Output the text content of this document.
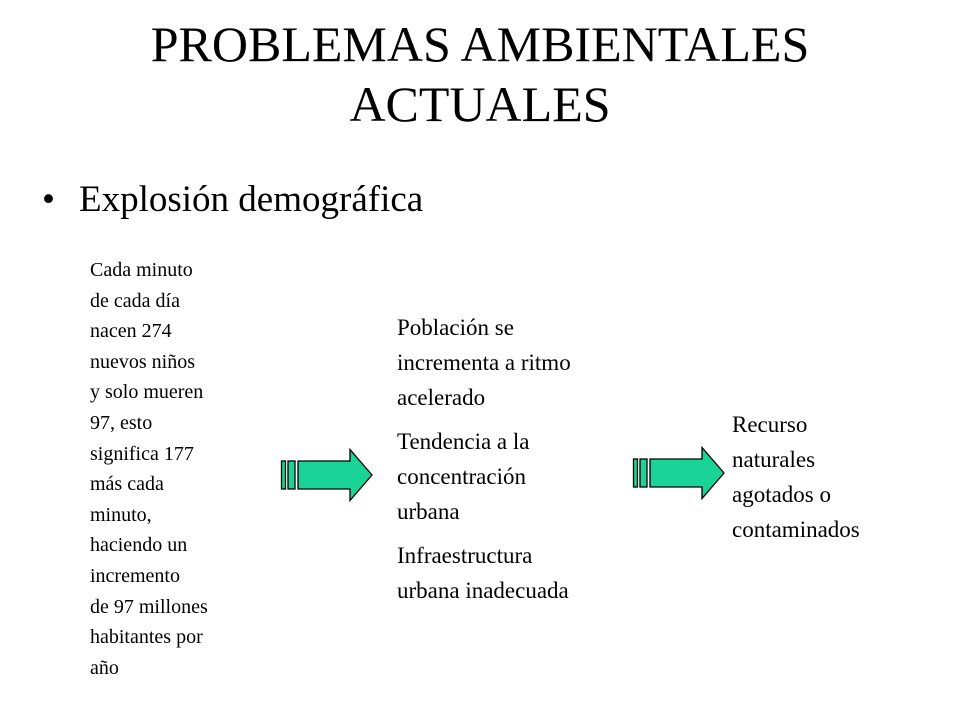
PROBLEMAS AMBIENTALES
ACTUALES
• Explosión demográfica
Cada minuto
de cada día
nacen 274
nuevos niños
y solo mueren
97, esto
significa 177
más cada
minuto,
haciendo un
incremento
de 97 millones
habitantes por
año
Población se
incrementa a ritmo
acelerado
Tendencia a la
concentración
urbana
Infraestructura
urbana inadecuada
Recurso
naturales
agotados o
contaminados
